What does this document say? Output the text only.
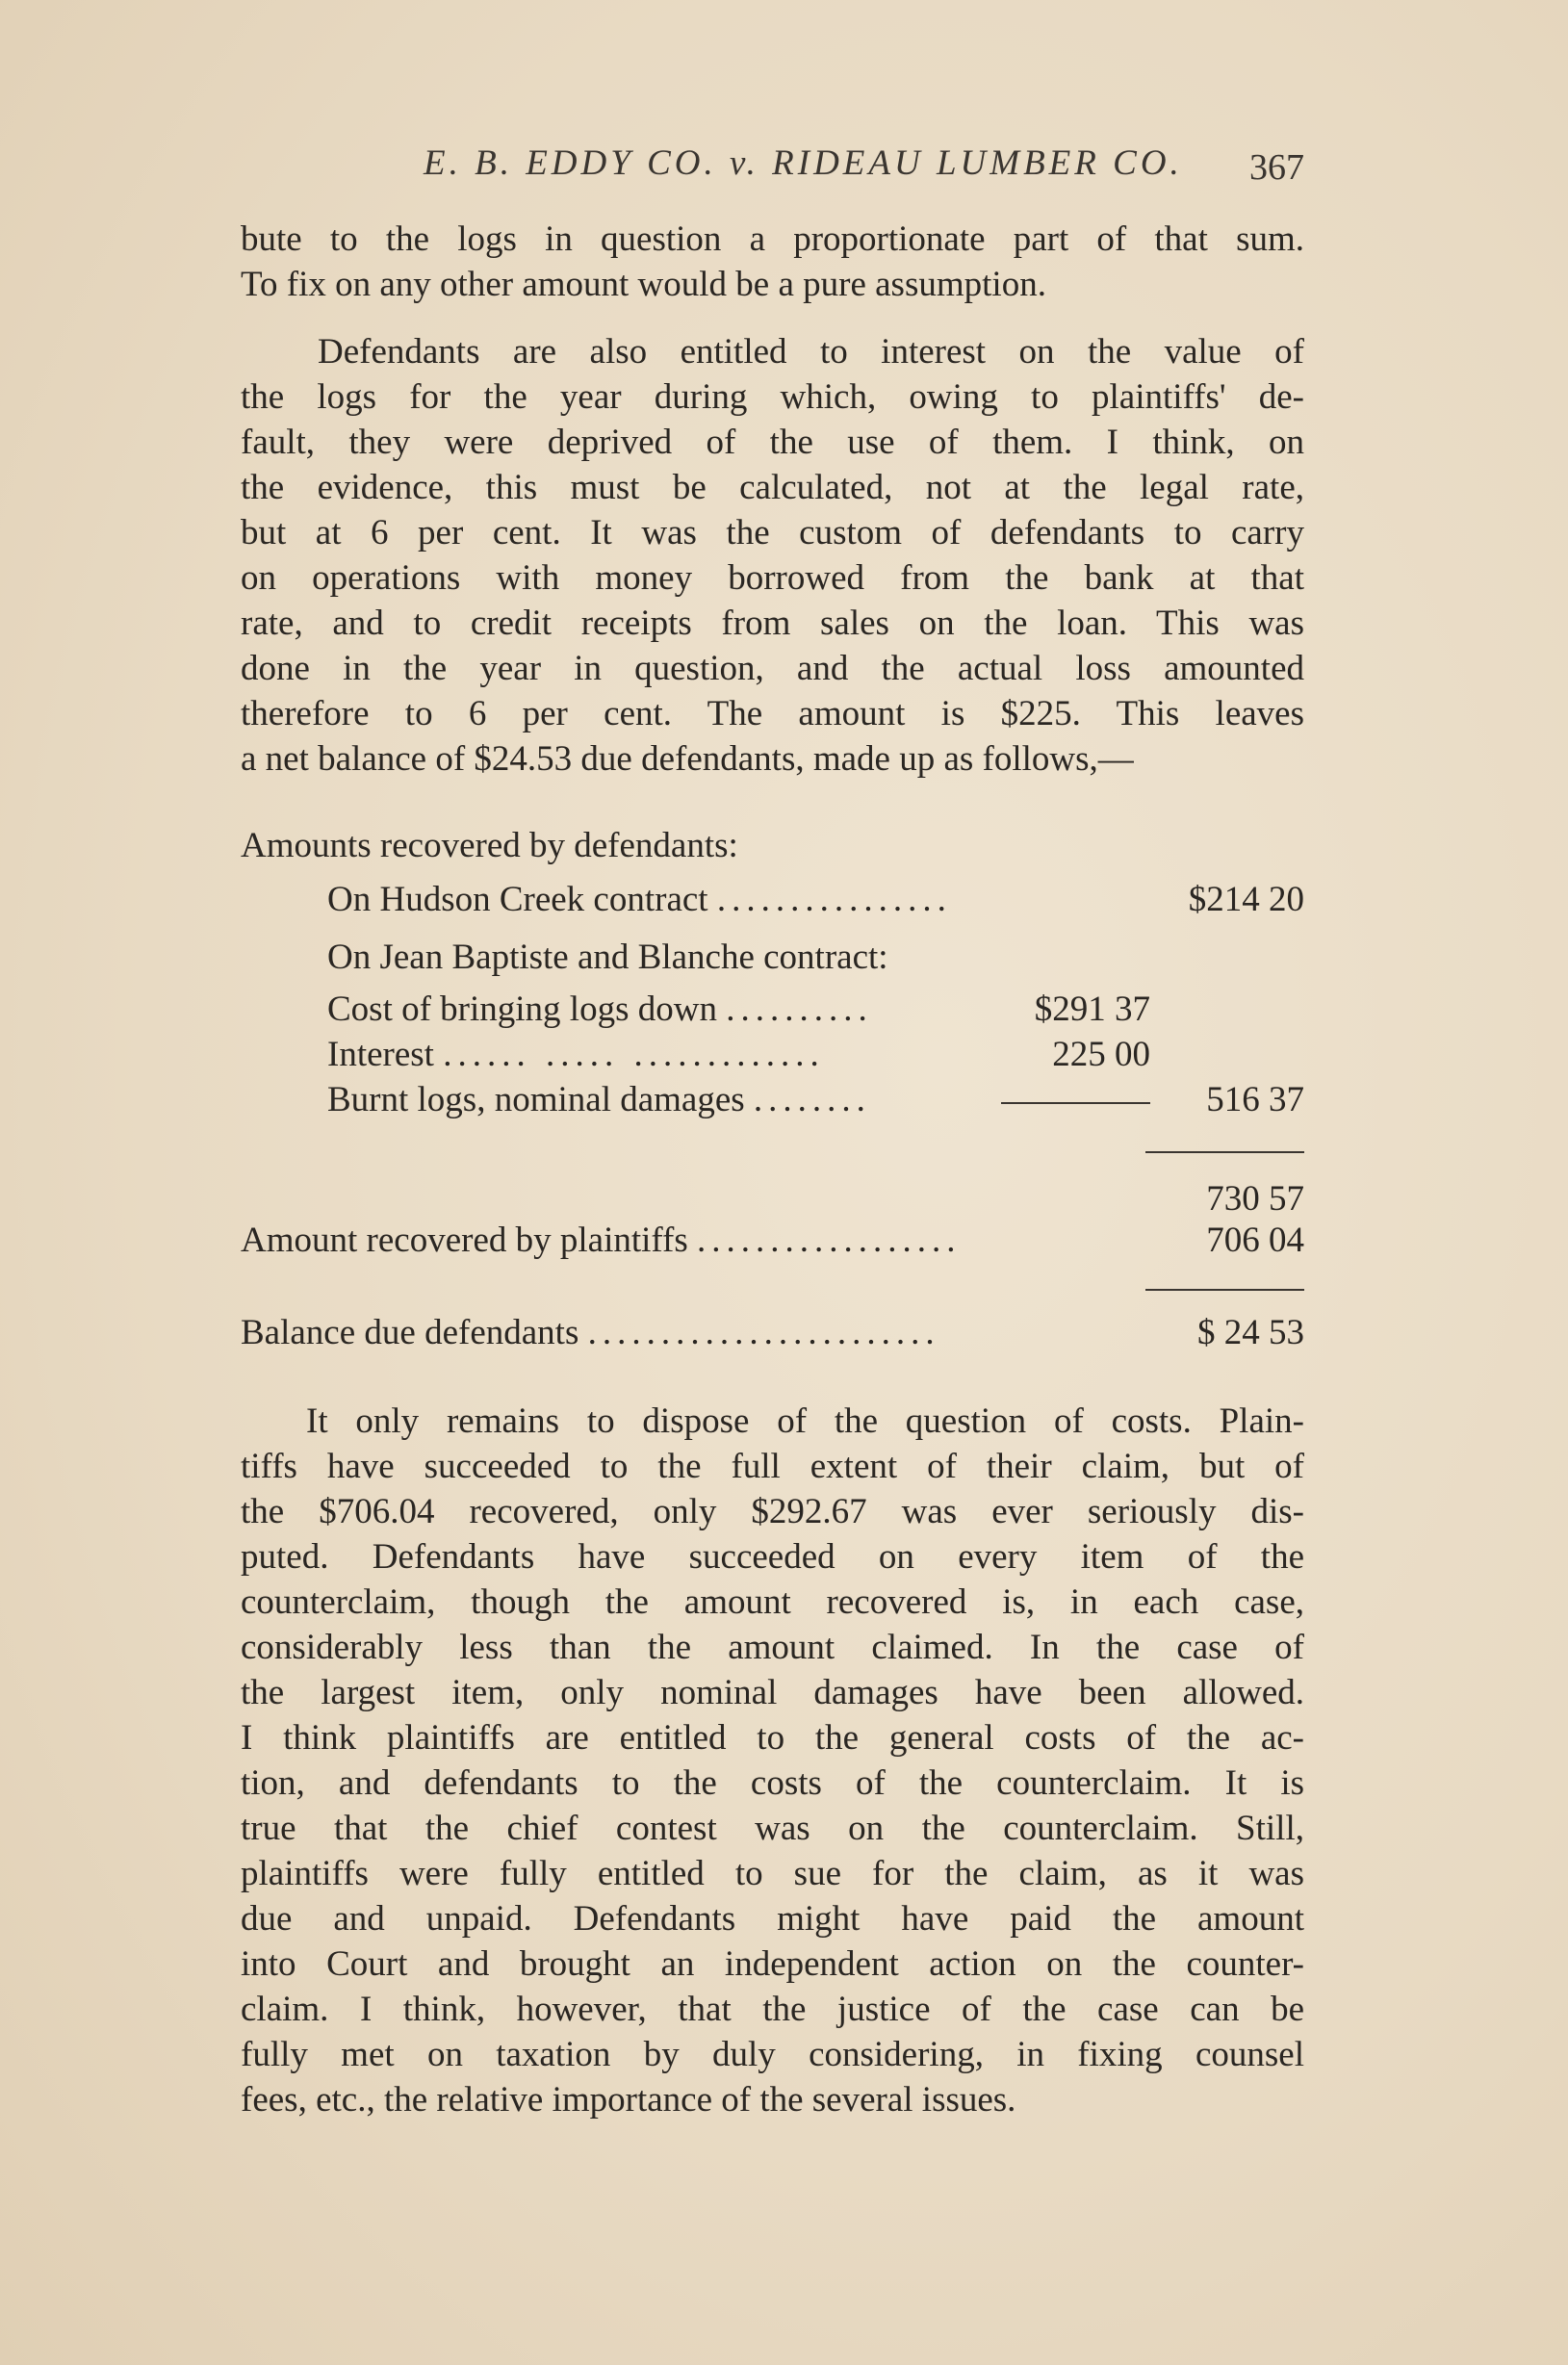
E. B. EDDY CO. v. RIDEAU LUMBER CO. 367
bute to the logs in question a proportionate part of that sum.
To fix on any other amount would be a pure assumption.
Defendants are also entitled to interest on the value of
the logs for the year during which, owing to plaintiffs' de-
fault, they were deprived of the use of them. I think, on
the evidence, this must be calculated, not at the legal rate,
but at 6 per cent. It was the custom of defendants to carry
on operations with money borrowed from the bank at that
rate, and to credit receipts from sales on the loan. This was
done in the year in question, and the actual loss amounted
therefore to 6 per cent. The amount is $225. This leaves
a net balance of $24.53 due defendants, made up as follows,—
Amounts recovered by defendants:
On Hudson Creek contract ................	$214 20
On Jean Baptiste and Blanche contract:
Cost of bringing logs down ..........	$291 37
Interest ...... ..... .............	225 00
Burnt logs, nominal damages ........	516 37
730 57
Amount recovered by plaintiffs ..................	706 04
Balance due defendants ........................	$ 24 53
It only remains to dispose of the question of costs. Plain-
tiffs have succeeded to the full extent of their claim, but of
the $706.04 recovered, only $292.67 was ever seriously dis-
puted. Defendants have succeeded on every item of the
counterclaim, though the amount recovered is, in each case,
considerably less than the amount claimed. In the case of
the largest item, only nominal damages have been allowed.
I think plaintiffs are entitled to the general costs of the ac-
tion, and defendants to the costs of the counterclaim. It is
true that the chief contest was on the counterclaim. Still,
plaintiffs were fully entitled to sue for the claim, as it was
due and unpaid. Defendants might have paid the amount
into Court and brought an independent action on the counter-
claim. I think, however, that the justice of the case can be
fully met on taxation by duly considering, in fixing counsel
fees, etc., the relative importance of the several issues.
